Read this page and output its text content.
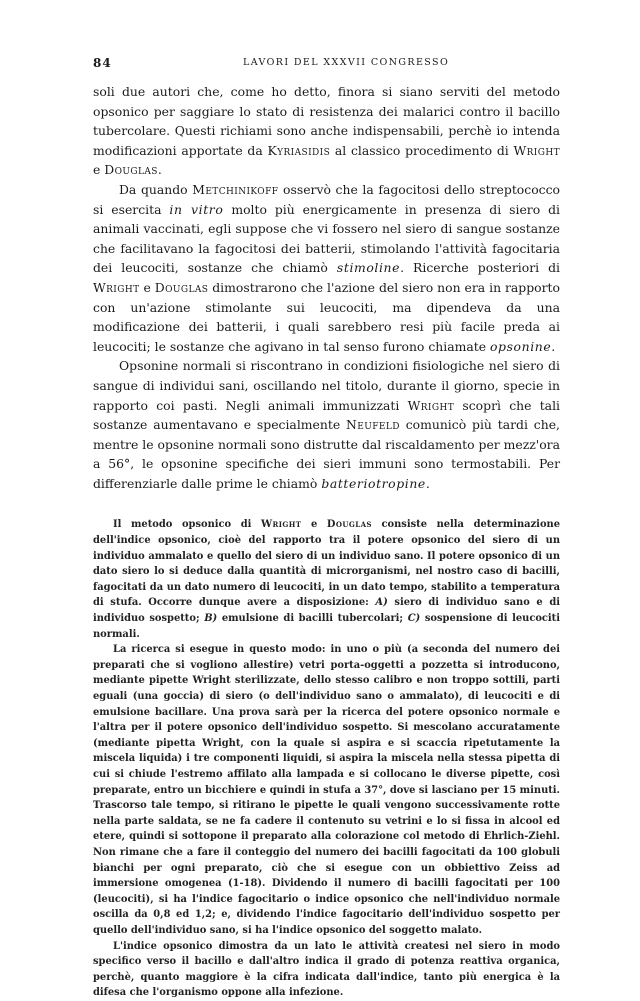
84	LAVORI DEL XXXVII CONGRESSO

soli due autori che, come ho detto, finora si siano serviti del metodo opsonico per saggiare lo stato di resistenza dei malarici contro il bacillo tubercolare. Questi richiami sono anche indispensabili, perchè io intenda modificazioni apportate da Kyriasidis al classico procedimento di Wright e Douglas.

Da quando Metchinikoff osservò che la fagocitosi dello streptococco si esercita in vitro molto più energicamente in presenza di siero di animali vaccinati, egli suppose che vi fossero nel siero di sangue sostanze che facilitavano la fagocitosi dei batterii, stimolando l'attività fagocitaria dei leucociti, sostanze che chiamò stimoline. Ricerche posteriori di Wright e Douglas dimostrarono che l'azione del siero non era in rapporto con un'azione stimolante sui leucociti, ma dipendeva da una modificazione dei batterii, i quali sarebbero resi più facile preda ai leucociti; le sostanze che agivano in tal senso furono chiamate opsonine.

Opsonine normali si riscontrano in condizioni fisiologiche nel siero di sangue di individui sani, oscillando nel titolo, durante il giorno, specie in rapporto coi pasti. Negli animali immunizzati Wright scoprì che tali sostanze aumentavano e specialmente Neufeld comunicò più tardi che, mentre le opsonine normali sono distrutte dal riscaldamento per mezz'ora a 56°, le opsonine specifiche dei sieri immuni sono termostabili. Per differenziarle dalle prime le chiamò batteriotropine.

Il metodo opsonico di Wright e Douglas consiste nella determinazione dell'indice opsonico, cioè del rapporto tra il potere opsonico del siero di un individuo ammalato e quello del siero di un individuo sano. Il potere opsonico di un dato siero lo si deduce dalla quantità di microrganismi, nel nostro caso di bacilli, fagocitati da un dato numero di leucociti, in un dato tempo, stabilito a temperatura di stufa. Occorre dunque avere a disposizione: A) siero di individuo sano e di individuo sospetto; B) emulsione di bacilli tubercolari; C) sospensione di leucociti normali.

La ricerca si esegue in questo modo: in uno o più (a seconda del numero dei preparati che si vogliono allestire) vetri porta-oggetti a pozzetta si introducono, mediante pipette Wright sterilizzate, dello stesso calibro e non troppo sottili, parti eguali (una goccia) di siero (o dell'individuo sano o ammalato), di leucociti e di emulsione bacillare. Una prova sarà per la ricerca del potere opsonico normale e l'altra per il potere opsonico dell'individuo sospetto. Si mescolano accuratamente (mediante pipetta Wright, con la quale si aspira e si scaccia ripetutamente la miscela liquida) i tre componenti liquidi, si aspira la miscela nella stessa pipetta di cui si chiude l'estremo affilato alla lampada e si collocano le diverse pipette, così preparate, entro un bicchiere e quindi in stufa a 37°, dove si lasciano per 15 minuti. Trascorso tale tempo, si ritirano le pipette le quali vengono successivamente rotte nella parte saldata, se ne fa cadere il contenuto su vetrini e lo si fissa in alcool ed etere, quindi si sottopone il preparato alla colorazione col metodo di Ehrlich-Ziehl. Non rimane che a fare il conteggio del numero dei bacilli fagocitati da 100 globuli bianchi per ogni preparato, ciò che si esegue con un obbiettivo Zeiss ad immersione omogenea (1-18). Dividendo il numero di bacilli fagocitati per 100 (leucociti), si ha l'indice fagocitario o indice opsonico che nell'individuo normale oscilla da 0,8 ed 1,2; e, dividendo l'indice fagocitario dell'individuo sospetto per quello dell'individuo sano, si ha l'indice opsonico del soggetto malato.

L'indice opsonico dimostra da un lato le attività createsi nel siero in modo specifico verso il bacillo e dall'altro indica il grado di potenza reattiva organica, perchè, quanto maggiore è la cifra indicata dall'indice, tanto più energica è la difesa che l'organismo oppone alla infezione.
